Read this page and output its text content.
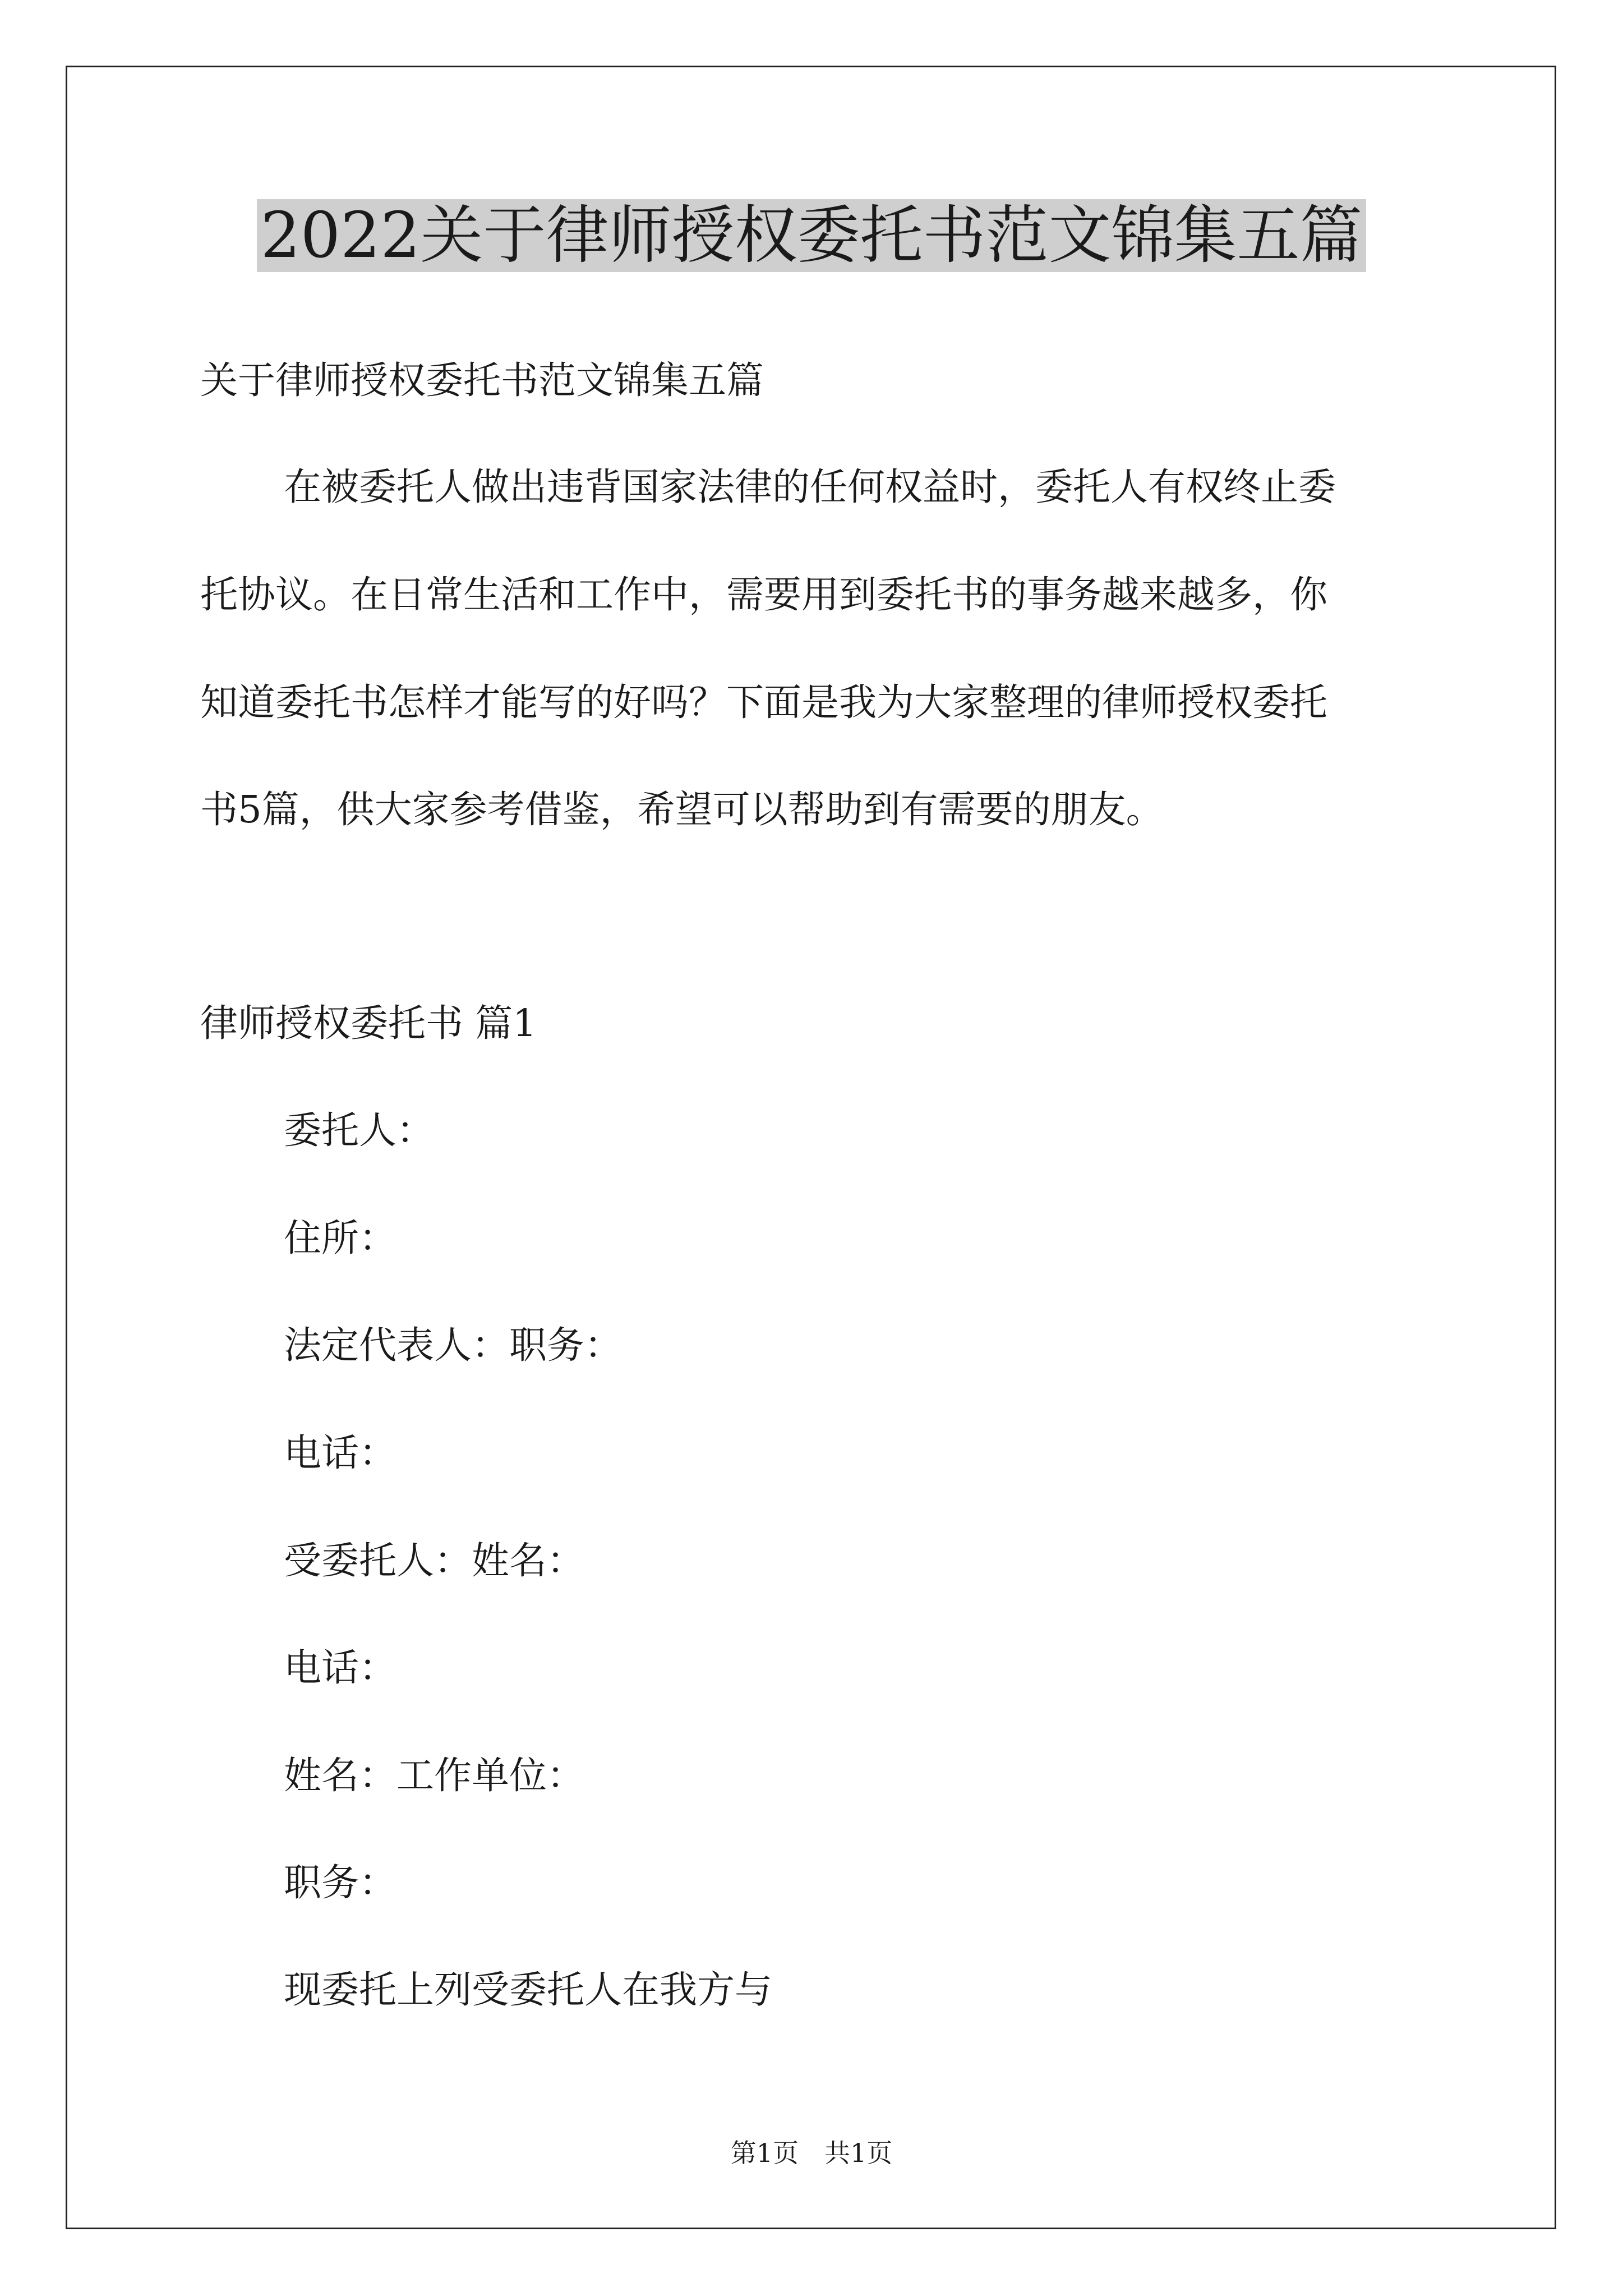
2022关于律师授权委托书范文锦集五篇

关于律师授权委托书范文锦集五篇

在被委托人做出违背国家法律的任何权益时，委托人有权终止委

托协议。在日常生活和工作中，需要用到委托书的事务越来越多，你

知道委托书怎样才能写的好吗？下面是我为大家整理的律师授权委托

书5篇，供大家参考借鉴，希望可以帮助到有需要的朋友。

律师授权委托书 篇1

委托人：

住所：

法定代表人：职务：

电话：

受委托人：姓名：

电话：

姓名：工作单位：

职务：

现委托上列受委托人在我方与

第1页　共1页
